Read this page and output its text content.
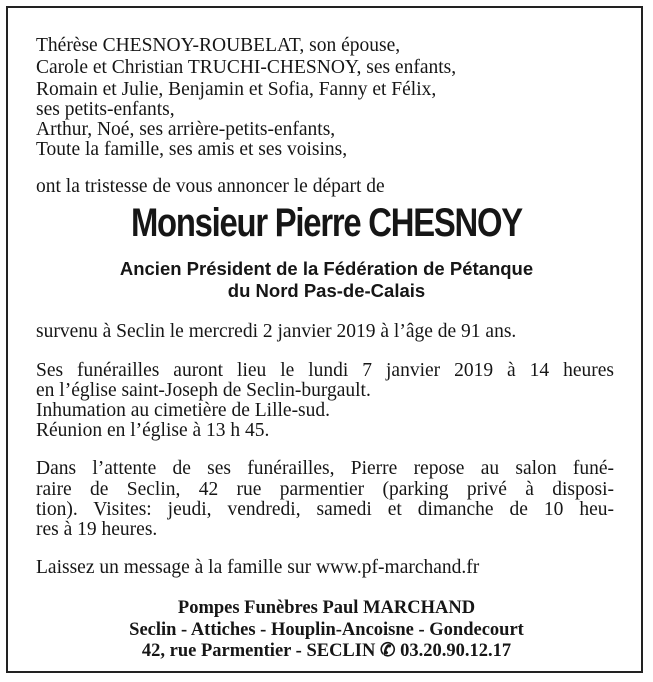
Thérèse CHESNOY-ROUBELAT, son épouse,
Carole et Christian TRUCHI-CHESNOY, ses enfants,
Romain et Julie, Benjamin et Sofia, Fanny et Félix,
ses petits-enfants,
Arthur, Noé, ses arrière-petits-enfants,
Toute la famille, ses amis et ses voisins,
ont la tristesse de vous annoncer le départ de
Monsieur Pierre CHESNOY
Ancien Président de la Fédération de Pétanque
du Nord Pas-de-Calais
survenu à Seclin le mercredi 2 janvier 2019 à l’âge de 91 ans.
Ses funérailles auront lieu le lundi 7 janvier 2019 à 14 heures
en l’église saint-Joseph de Seclin-burgault.
Inhumation au cimetière de Lille-sud.
Réunion en l’église à 13 h 45.
Dans l’attente de ses funérailles, Pierre repose au salon funé-
raire de Seclin, 42 rue parmentier (parking privé à disposi-
tion). Visites: jeudi, vendredi, samedi et dimanche de 10 heu-
res à 19 heures.
Laissez un message à la famille sur www.pf-marchand.fr
Pompes Funèbres Paul MARCHAND
Seclin - Attiches - Houplin-Ancoisne - Gondecourt
42, rue Parmentier - SECLIN ✆ 03.20.90.12.17
